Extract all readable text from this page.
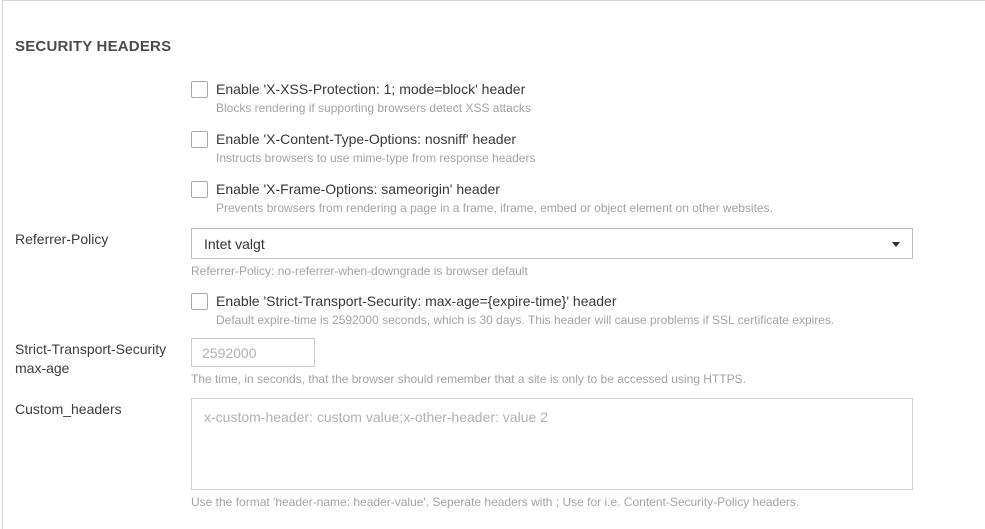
SECURITY HEADERS
Enable 'X-XSS-Protection: 1; mode=block' header
Blocks rendering if supporting browsers detect XSS attacks
Enable 'X-Content-Type-Options: nosniff' header
Instructs browsers to use mime-type from response headers
Enable 'X-Frame-Options: sameorigin' header
Prevents browsers from rendering a page in a frame, iframe, embed or object element on other websites.
Referrer-Policy	Intet valgt
Referrer-Policy: no-referrer-when-downgrade is browser default
Enable 'Strict-Transport-Security: max-age={expire-time}' header
Default expire-time is 2592000 seconds, which is 30 days. This header will cause problems if SSL certificate expires.
Strict-Transport-Security max-age
2592000
The time, in seconds, that the browser should remember that a site is only to be accessed using HTTPS.
Custom_headers
x-custom-header: custom value;x-other-header: value 2
Use the format 'header-name: header-value'. Seperate headers with ; Use for i.e. Content-Security-Policy headers.
